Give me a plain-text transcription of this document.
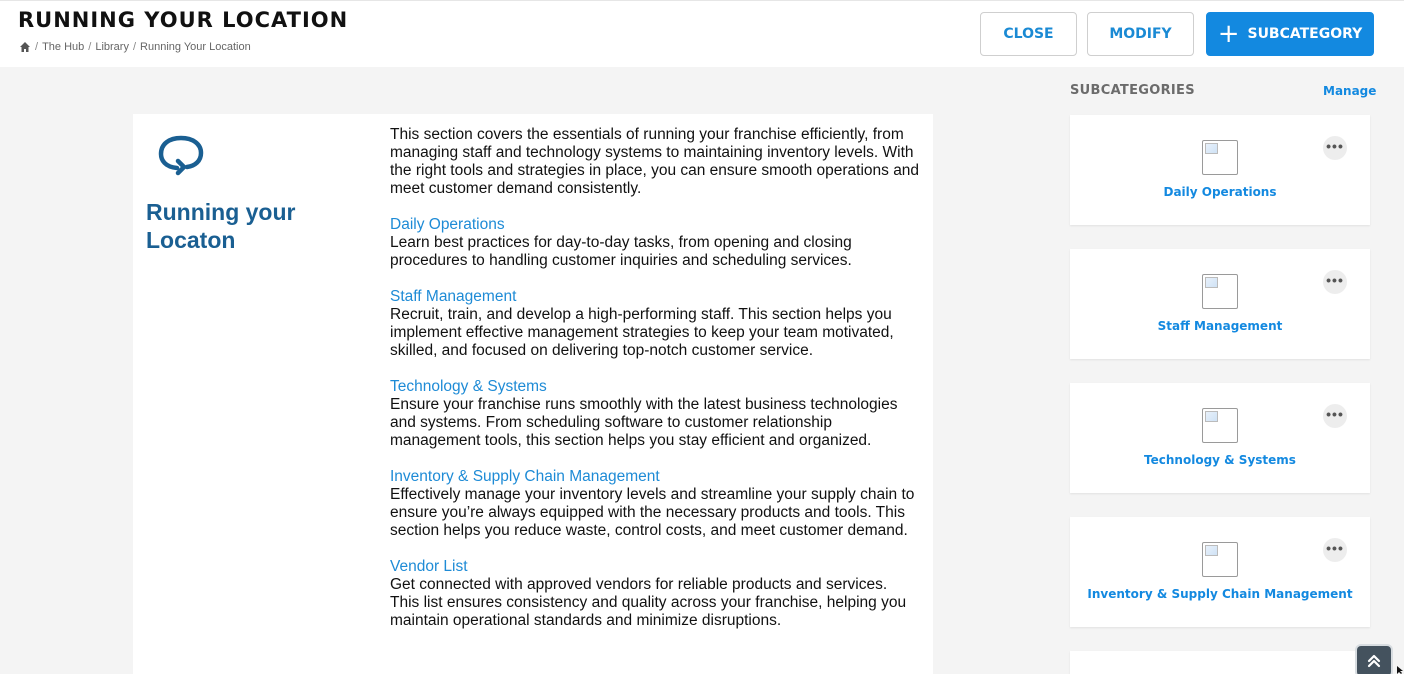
RUNNING YOUR LOCATION
/ The Hub / Library / Running Your Location
CLOSE	MODIFY	+ SUBCATEGORY
Running your
Locaton

This section covers the essentials of running your franchise efficiently, from managing staff and technology systems to maintaining inventory levels. With the right tools and strategies in place, you can ensure smooth operations and meet customer demand consistently.

Daily Operations
Learn best practices for day-to-day tasks, from opening and closing procedures to handling customer inquiries and scheduling services.

Staff Management
Recruit, train, and develop a high-performing staff. This section helps you implement effective management strategies to keep your team motivated, skilled, and focused on delivering top-notch customer service.

Technology & Systems
Ensure your franchise runs smoothly with the latest business technologies and systems. From scheduling software to customer relationship management tools, this section helps you stay efficient and organized.

Inventory & Supply Chain Management
Effectively manage your inventory levels and streamline your supply chain to ensure you’re always equipped with the necessary products and tools. This section helps you reduce waste, control costs, and meet customer demand.

Vendor List
Get connected with approved vendors for reliable products and services. This list ensures consistency and quality across your franchise, helping you maintain operational standards and minimize disruptions.

SUBCATEGORIES	Manage
•••
Daily Operations
•••
Staff Management
•••
Technology & Systems
•••
Inventory & Supply Chain Management
